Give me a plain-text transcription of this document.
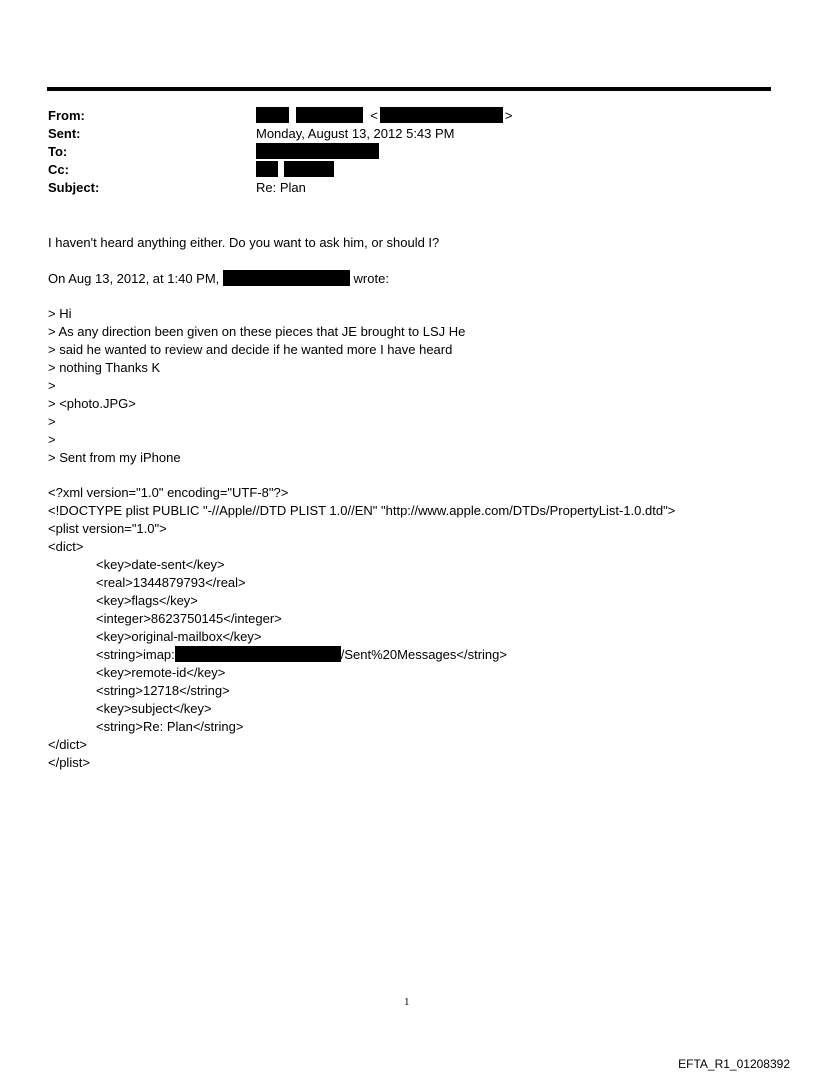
From:	<	>
Sent:	Monday, August 13, 2012 5:43 PM
To:
Cc:

Subject:	Re: Plan
I haven't heard anything either. Do you want to ask him, or should I?
On Aug 13, 2012, at 1:40 PM,	wrote:
> Hi
> As any direction been given on these pieces that JE brought to LSJ He
> said he wanted to review and decide if he wanted more I have heard
> nothing Thanks K
>
> <photo.JPG>
>
>
> Sent from my iPhone
<?xml version="1.0" encoding="UTF-8"?>
<!DOCTYPE plist PUBLIC "-//Apple//DTD PLIST 1.0//EN" "http://www.apple.com/DTDs/PropertyList-1.0.dtd">
<plist version="1.0">
<dict>
<key>date-sent</key>
<real>1344879793</real>
<key>flags</key>
<integer>8623750145</integer>
<key>original-mailbox</key>
<string>imap:	/Sent%20Messages</string>
<key>remote-id</key>
<string>12718</string>
<key>subject</key>
<string>Re: Plan</string>
</dict>
</plist>
1
EFTA_R1_01208392
